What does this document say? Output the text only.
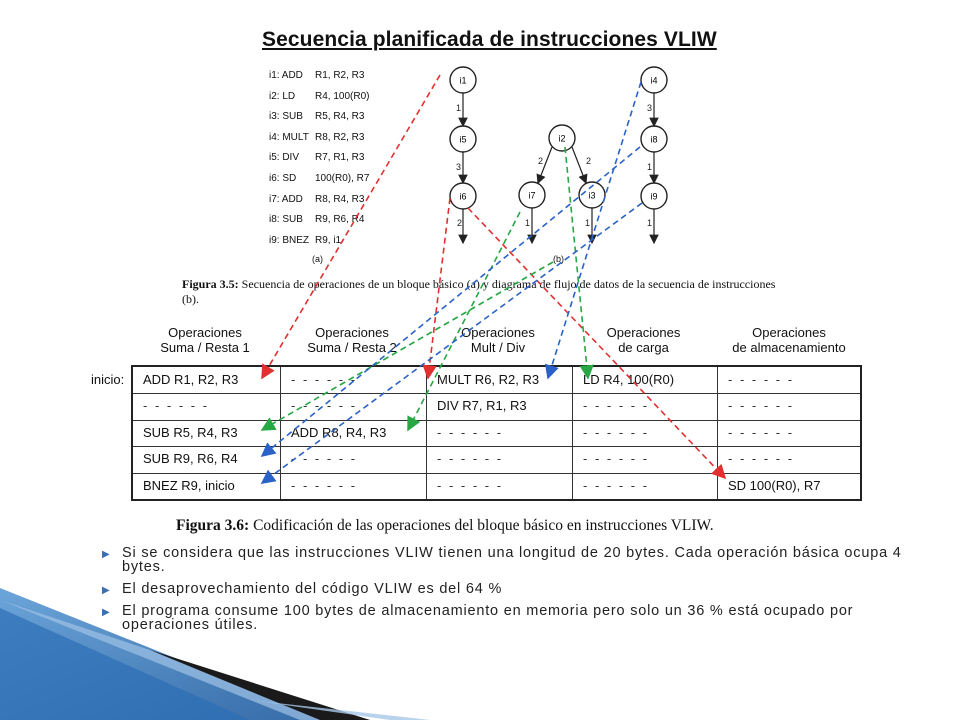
Secuencia planificada de instrucciones VLIW
i1: ADD R1, R2, R3
i2: LD R4, 100(R0)
i3: SUB R5, R4, R3
i4: MULT R8, R2, R3
i5: DIV R7, R1, R3
i6: SD 100(R0), R7
i7: ADD R8, R4, R3
i8: SUB R9, R6, R4
i9: BNEZ R9, i1
(a)	(b)
1
3
2
2	2
1	1
3
1
1
i1
i5
i6
i2
i7	i3
i4
i8
i9
Figura 3.5: Secuencia de operaciones de un bloque básico (a) y diagrama de flujo de datos de la secuencia de instrucciones (b).
inicio:
Operaciones
Suma / Resta 1
Operaciones
Suma / Resta 2
Operaciones
Mult / Div
Operaciones
de carga
Operaciones
de almacenamiento
ADD R1, R2, R3	- - - - - -	MULT R6, R2, R3	LD R4, 100(R0)	- - - - - -
- - - - - -	- - - - - -	DIV R7, R1, R3	- - - - - -	- - - - - -
SUB R5, R4, R3	ADD R8, R4, R3	- - - - - -	- - - - - -	- - - - - -
SUB R9, R6, R4	- - - - - -	- - - - - -	- - - - - -	- - - - - -
BNEZ R9, inicio	- - - - - -	- - - - - -	- - - - - -	SD 100(R0), R7
Figura 3.6: Codificación de las operaciones del bloque básico en instrucciones VLIW.
▶ Si se considera que las instrucciones VLIW tienen una longitud de 20 bytes. Cada operación básica ocupa 4 bytes.
▶ El desaprovechamiento del código VLIW es del 64 %
▶ El programa consume 100 bytes de almacenamiento en memoria pero solo un 36 % está ocupado por operaciones útiles.
